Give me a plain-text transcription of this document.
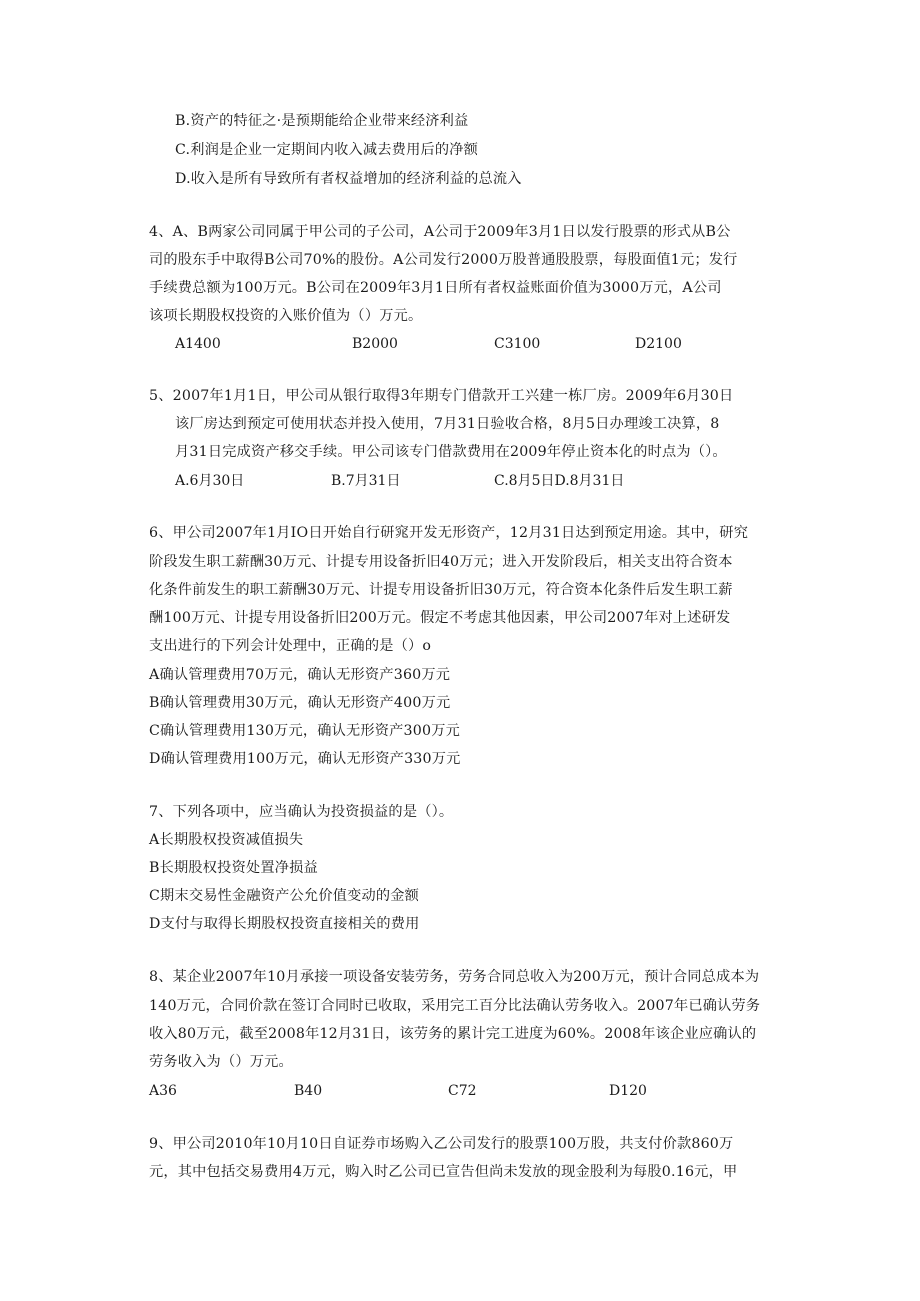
B.资产的特征之·是预期能给企业带来经济利益
C.利润是企业一定期间内收入减去费用后的净额
D.收入是所有导致所有者权益增加的经济利益的总流入
4、A、B两家公司同属于甲公司的子公司，A公司于2009年3月1日以发行股票的形式从B公
司的股东手中取得B公司70%的股份。A公司发行2000万股普通股股票，每股面值1元；发行
手续费总额为100万元。B公司在2009年3月1日所有者权益账面价值为3000万元，A公司
该项长期股权投资的入账价值为（）万元。
A1400	B2000	C3100	D2100
5、2007年1月1日，甲公司从银行取得3年期专门借款开工兴建一栋厂房。2009年6月30日
该厂房达到预定可使用状态并投入使用，7月31日验收合格，8月5日办理竣工决算，8
月31日完成资产移交手续。甲公司该专门借款费用在2009年停止资本化的时点为（）。
A.6月30日	B.7月31日	C.8月5日D.8月31日
6、甲公司2007年1月IO日开始自行研窕开发无形资产，12月31日达到预定用途。其中，研究
阶段发生职工薪酬30万元、计提专用设备折旧40万元；进入开发阶段后，相关支出符合资本
化条件前发生的职工薪酬30万元、计提专用设备折旧30万元，符合资本化条件后发生职工薪
酬100万元、计提专用设备折旧200万元。假定不考虑其他因素，甲公司2007年对上述研发
支出进行的下列会计处理中，正确的是（）o
A确认管理费用70万元，确认无形资产360万元
B确认管理费用30万元，确认无形资产400万元
C确认管理费用130万元，确认无形资产300万元
D确认管理费用100万元，确认无形资产330万元
7、下列各项中，应当确认为投资损益的是（）。
A长期股权投资减值损失
B长期股权投资处置净损益
C期末交易性金融资产公允价值变动的金额
D支付与取得长期股权投资直接相关的费用
8、某企业2007年10月承接一项设备安装劳务，劳务合同总收入为200万元，预计合同总成本为
140万元，合同价款在签订合同时已收取，采用完工百分比法确认劳务收入。2007年已确认劳务
收入80万元，截至2008年12月31日，该劳务的累计完工进度为60%。2008年该企业应确认的
劳务收入为（）万元。
A36	B40	C72	D120
9、甲公司2010年10月10日自证券市场购入乙公司发行的股票100万股，共支付价款860万
元，其中包括交易费用4万元，购入时乙公司已宣告但尚未发放的现金股利为每股0.16元，甲
